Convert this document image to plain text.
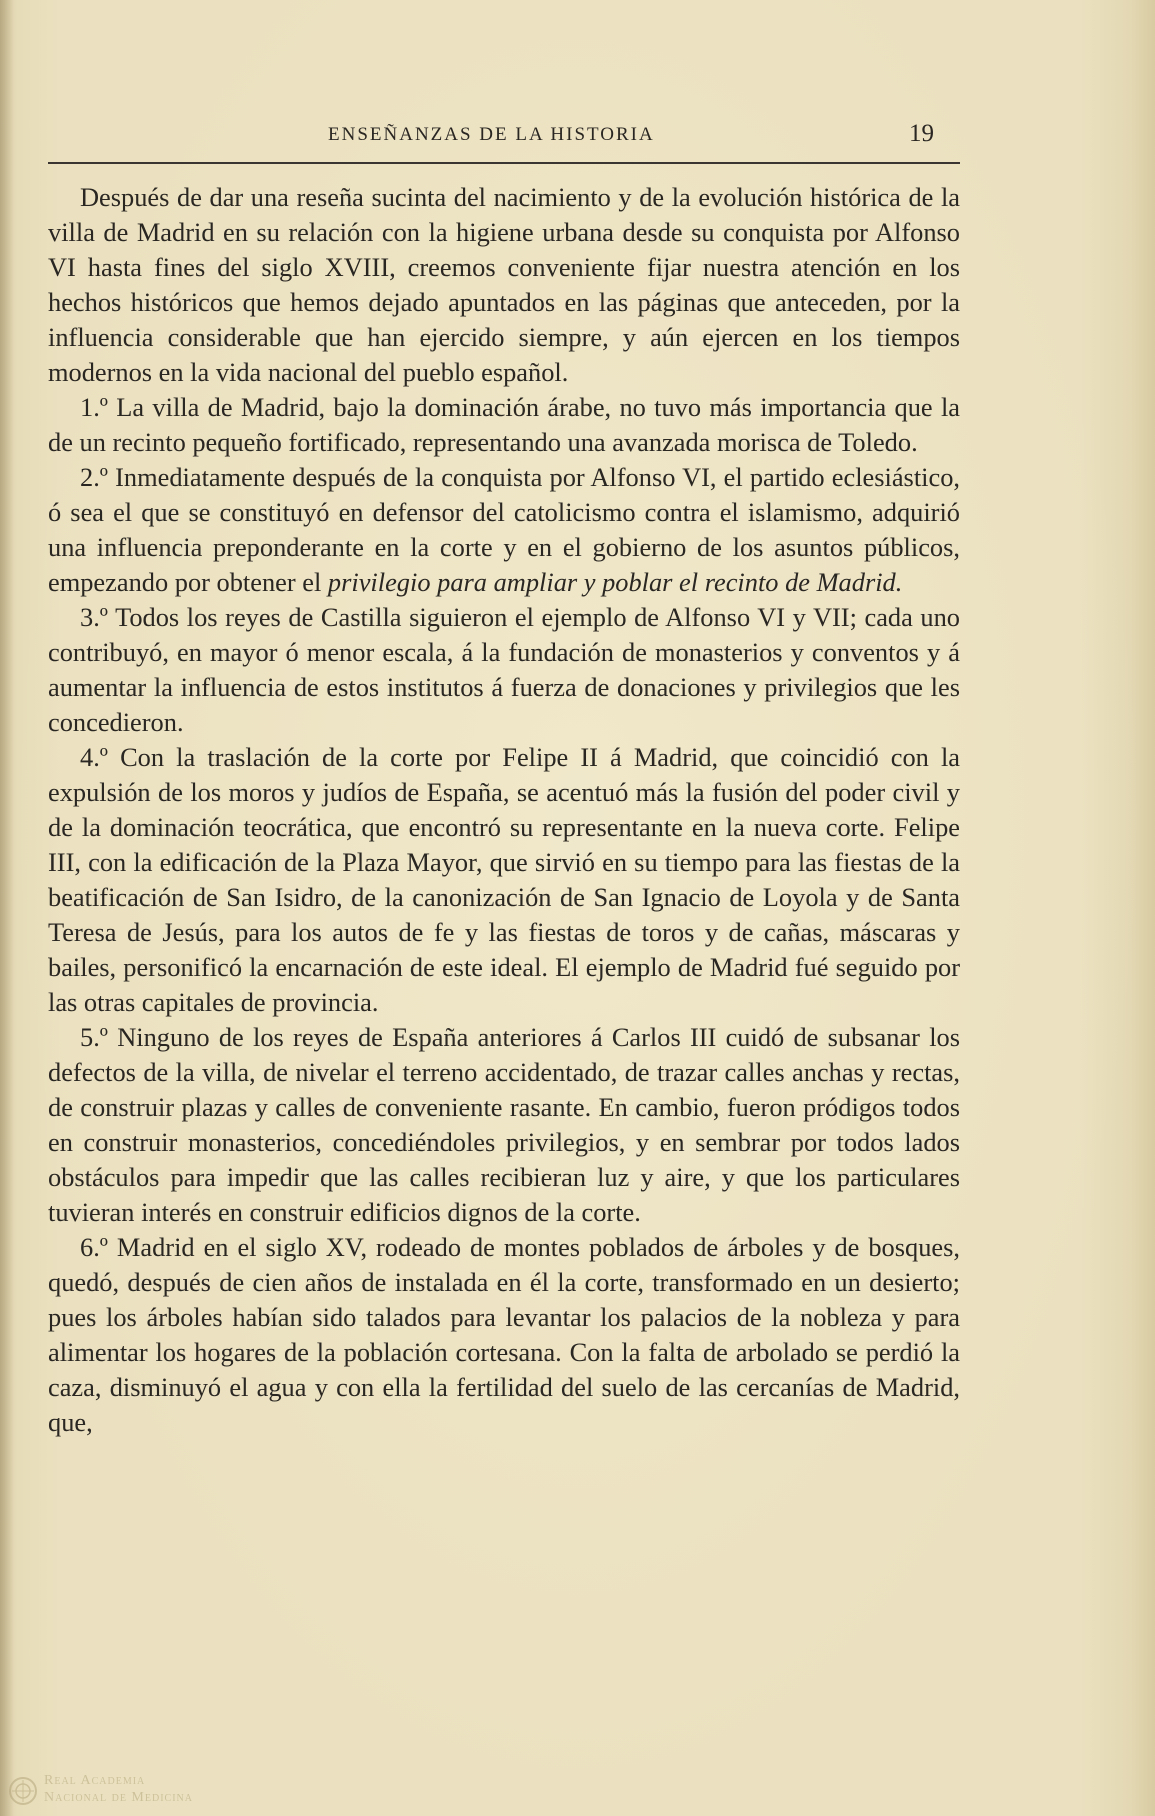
ENSEÑANZAS DE LA HISTORIA	19

Después de dar una reseña sucinta del nacimiento y de la evolución histórica de la villa de Madrid en su relación con la higiene urbana desde su conquista por Alfonso VI hasta fines del siglo XVIII, creemos conveniente fijar nuestra atención en los hechos históricos que hemos dejado apuntados en las páginas que anteceden, por la influencia considerable que han ejercido siempre, y aún ejercen en los tiempos modernos en la vida nacional del pueblo español.

1.º La villa de Madrid, bajo la dominación árabe, no tuvo más importancia que la de un recinto pequeño fortificado, representando una avanzada morisca de Toledo.

2.º Inmediatamente después de la conquista por Alfonso VI, el partido eclesiástico, ó sea el que se constituyó en defensor del catolicismo contra el islamismo, adquirió una influencia preponderante en la corte y en el gobierno de los asuntos públicos, empezando por obtener el privilegio para ampliar y poblar el recinto de Madrid.

3.º Todos los reyes de Castilla siguieron el ejemplo de Alfonso VI y VII; cada uno contribuyó, en mayor ó menor escala, á la fundación de monasterios y conventos y á aumentar la influencia de estos institutos á fuerza de donaciones y privilegios que les concedieron.

4.º Con la traslación de la corte por Felipe II á Madrid, que coincidió con la expulsión de los moros y judíos de España, se acentuó más la fusión del poder civil y de la dominación teocrática, que encontró su representante en la nueva corte. Felipe III, con la edificación de la Plaza Mayor, que sirvió en su tiempo para las fiestas de la beatificación de San Isidro, de la canonización de San Ignacio de Loyola y de Santa Teresa de Jesús, para los autos de fe y las fiestas de toros y de cañas, máscaras y bailes, personificó la encarnación de este ideal. El ejemplo de Madrid fué seguido por las otras capitales de provincia.

5.º Ninguno de los reyes de España anteriores á Carlos III cuidó de subsanar los defectos de la villa, de nivelar el terreno accidentado, de trazar calles anchas y rectas, de construir plazas y calles de conveniente rasante. En cambio, fueron pródigos todos en construir monasterios, concediéndoles privilegios, y en sembrar por todos lados obstáculos para impedir que las calles recibieran luz y aire, y que los particulares tuvieran interés en construir edificios dignos de la corte.

6.º Madrid en el siglo XV, rodeado de montes poblados de árboles y de bosques, quedó, después de cien años de instalada en él la corte, transformado en un desierto; pues los árboles habían sido talados para levantar los palacios de la nobleza y para alimentar los hogares de la población cortesana. Con la falta de arbolado se perdió la caza, disminuyó el agua y con ella la fertilidad del suelo de las cercanías de Madrid, que,

Real Academia
Nacional de Medicina
